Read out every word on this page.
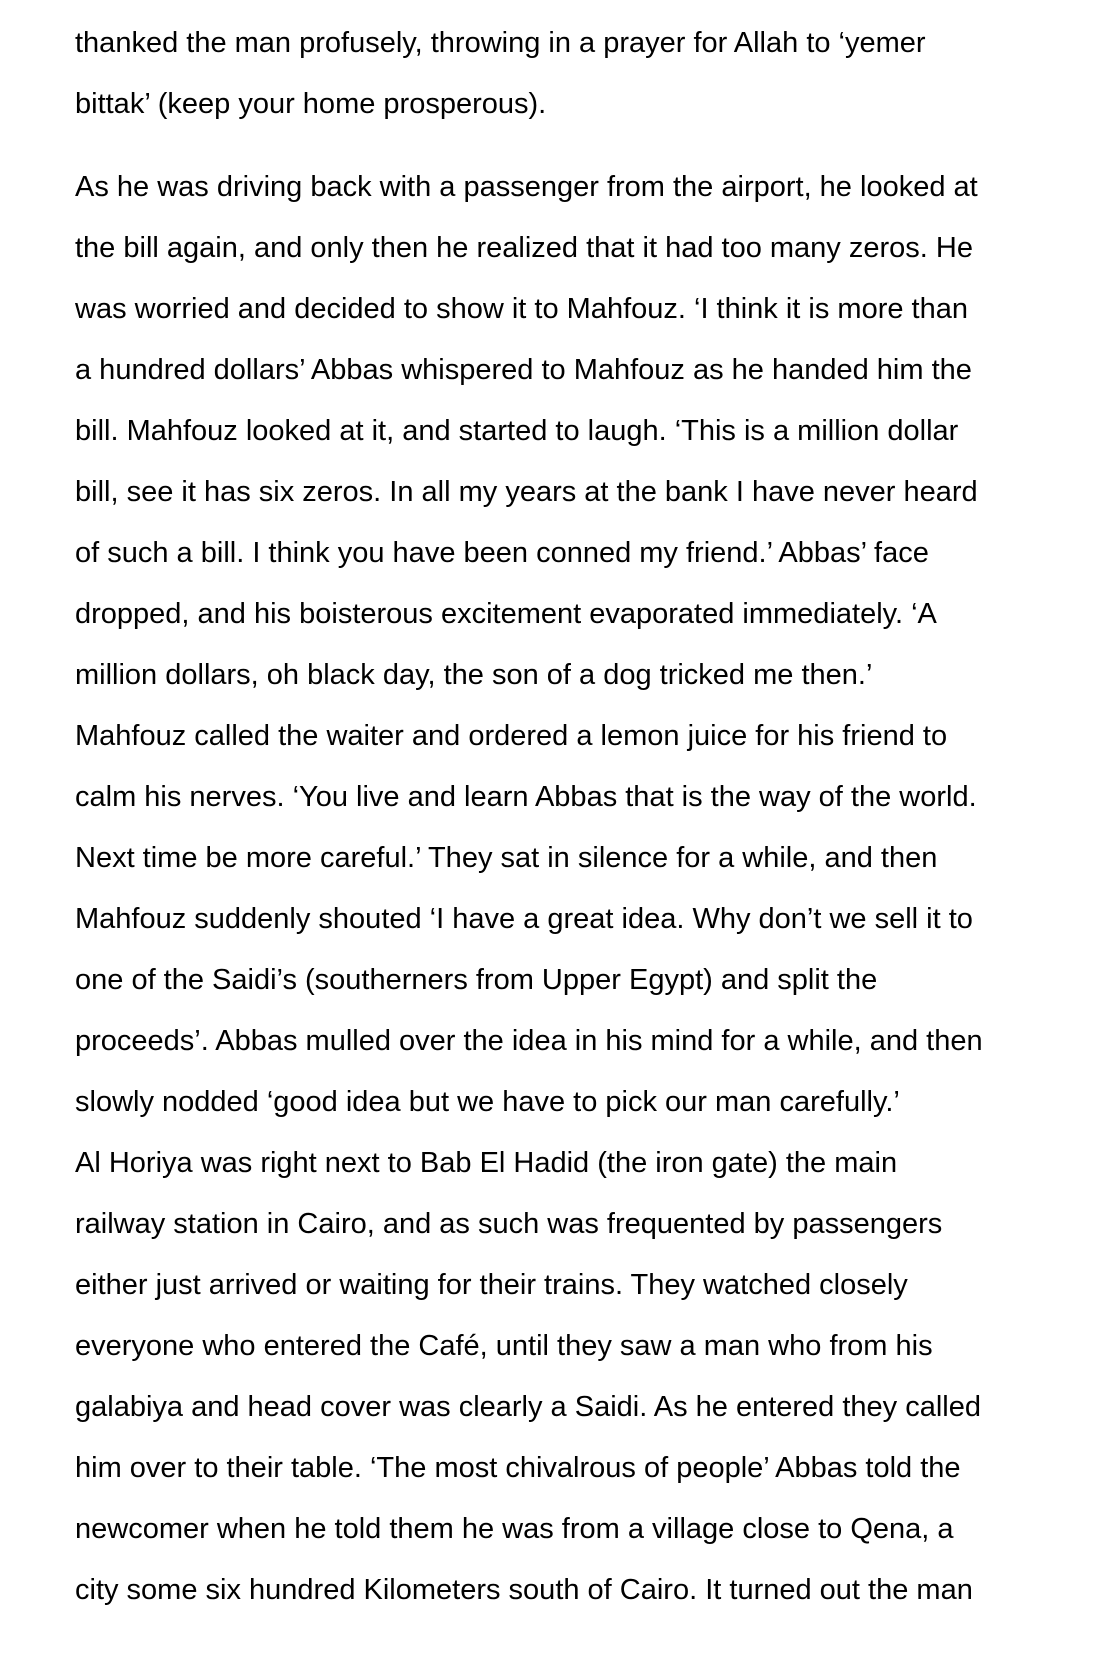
thanked the man profusely, throwing in a prayer for Allah to ‘yemer
bittak’ (keep your home prosperous).
As he was driving back with a passenger from the airport, he looked at
the bill again, and only then he realized that it had too many zeros. He
was worried and decided to show it to Mahfouz. ‘I think it is more than
a hundred dollars’ Abbas whispered to Mahfouz as he handed him the
bill. Mahfouz looked at it, and started to laugh. ‘This is a million dollar
bill, see it has six zeros. In all my years at the bank I have never heard
of such a bill. I think you have been conned my friend.’ Abbas’ face
dropped, and his boisterous excitement evaporated immediately. ‘A
million dollars, oh black day, the son of a dog tricked me then.’
Mahfouz called the waiter and ordered a lemon juice for his friend to
calm his nerves. ‘You live and learn Abbas that is the way of the world.
Next time be more careful.’ They sat in silence for a while, and then
Mahfouz suddenly shouted ‘I have a great idea. Why don’t we sell it to
one of the Saidi’s (southerners from Upper Egypt) and split the
proceeds’. Abbas mulled over the idea in his mind for a while, and then
slowly nodded ‘good idea but we have to pick our man carefully.’
Al Horiya was right next to Bab El Hadid (the iron gate) the main
railway station in Cairo, and as such was frequented by passengers
either just arrived or waiting for their trains. They watched closely
everyone who entered the Café, until they saw a man who from his
galabiya and head cover was clearly a Saidi. As he entered they called
him over to their table. ‘The most chivalrous of people’ Abbas told the
newcomer when he told them he was from a village close to Qena, a
city some six hundred Kilometers south of Cairo. It turned out the man
